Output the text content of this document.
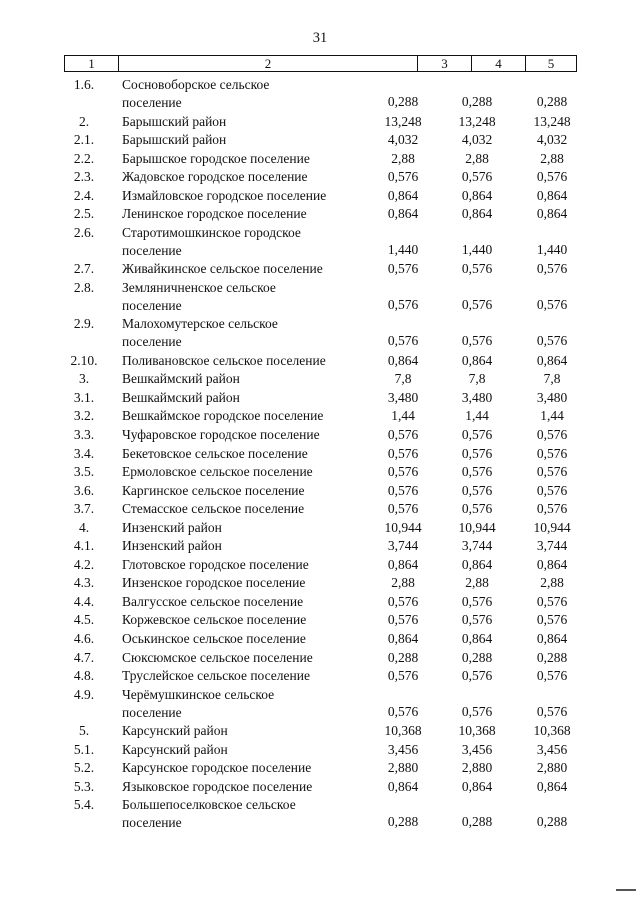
31
1	2	3	4	5
1.6.	Сосновоборское сельское
поселение	0,288	0,288	0,288
2.	Барышский район	13,248	13,248	13,248
2.1.	Барышский район	4,032	4,032	4,032
2.2.	Барышское городское поселение	2,88	2,88	2,88
2.3.	Жадовское городское поселение	0,576	0,576	0,576
2.4.	Измайловское городское поселение	0,864	0,864	0,864
2.5.	Ленинское городское поселение	0,864	0,864	0,864
2.6.	Старотимошкинское городское
поселение	1,440	1,440	1,440
2.7.	Живайкинское сельское поселение	0,576	0,576	0,576
2.8.	Земляничненское сельское
поселение	0,576	0,576	0,576
2.9.	Малохомутерское сельское
поселение	0,576	0,576	0,576
2.10.	Поливановское сельское поселение	0,864	0,864	0,864
3.	Вешкаймский район	7,8	7,8	7,8
3.1.	Вешкаймский район	3,480	3,480	3,480
3.2.	Вешкаймское городское поселение	1,44	1,44	1,44
3.3.	Чуфаровское городское поселение	0,576	0,576	0,576
3.4.	Бекетовское сельское поселение	0,576	0,576	0,576
3.5.	Ермоловское сельское поселение	0,576	0,576	0,576
3.6.	Каргинское сельское поселение	0,576	0,576	0,576
3.7.	Стемасское сельское поселение	0,576	0,576	0,576
4.	Инзенский район	10,944	10,944	10,944
4.1.	Инзенский район	3,744	3,744	3,744
4.2.	Глотовское городское поселение	0,864	0,864	0,864
4.3.	Инзенское городское поселение	2,88	2,88	2,88
4.4.	Валгусское сельское поселение	0,576	0,576	0,576
4.5.	Коржевское сельское поселение	0,576	0,576	0,576
4.6.	Оськинское сельское поселение	0,864	0,864	0,864
4.7.	Сюксюмское сельское поселение	0,288	0,288	0,288
4.8.	Труслейское сельское поселение	0,576	0,576	0,576
4.9.	Черёмушкинское сельское
поселение	0,576	0,576	0,576
5.	Карсунский район	10,368	10,368	10,368
5.1.	Карсунский район	3,456	3,456	3,456
5.2.	Карсунское городское поселение	2,880	2,880	2,880
5.3.	Языковское городское поселение	0,864	0,864	0,864
5.4.	Большепоселковское сельское
поселение	0,288	0,288	0,288
